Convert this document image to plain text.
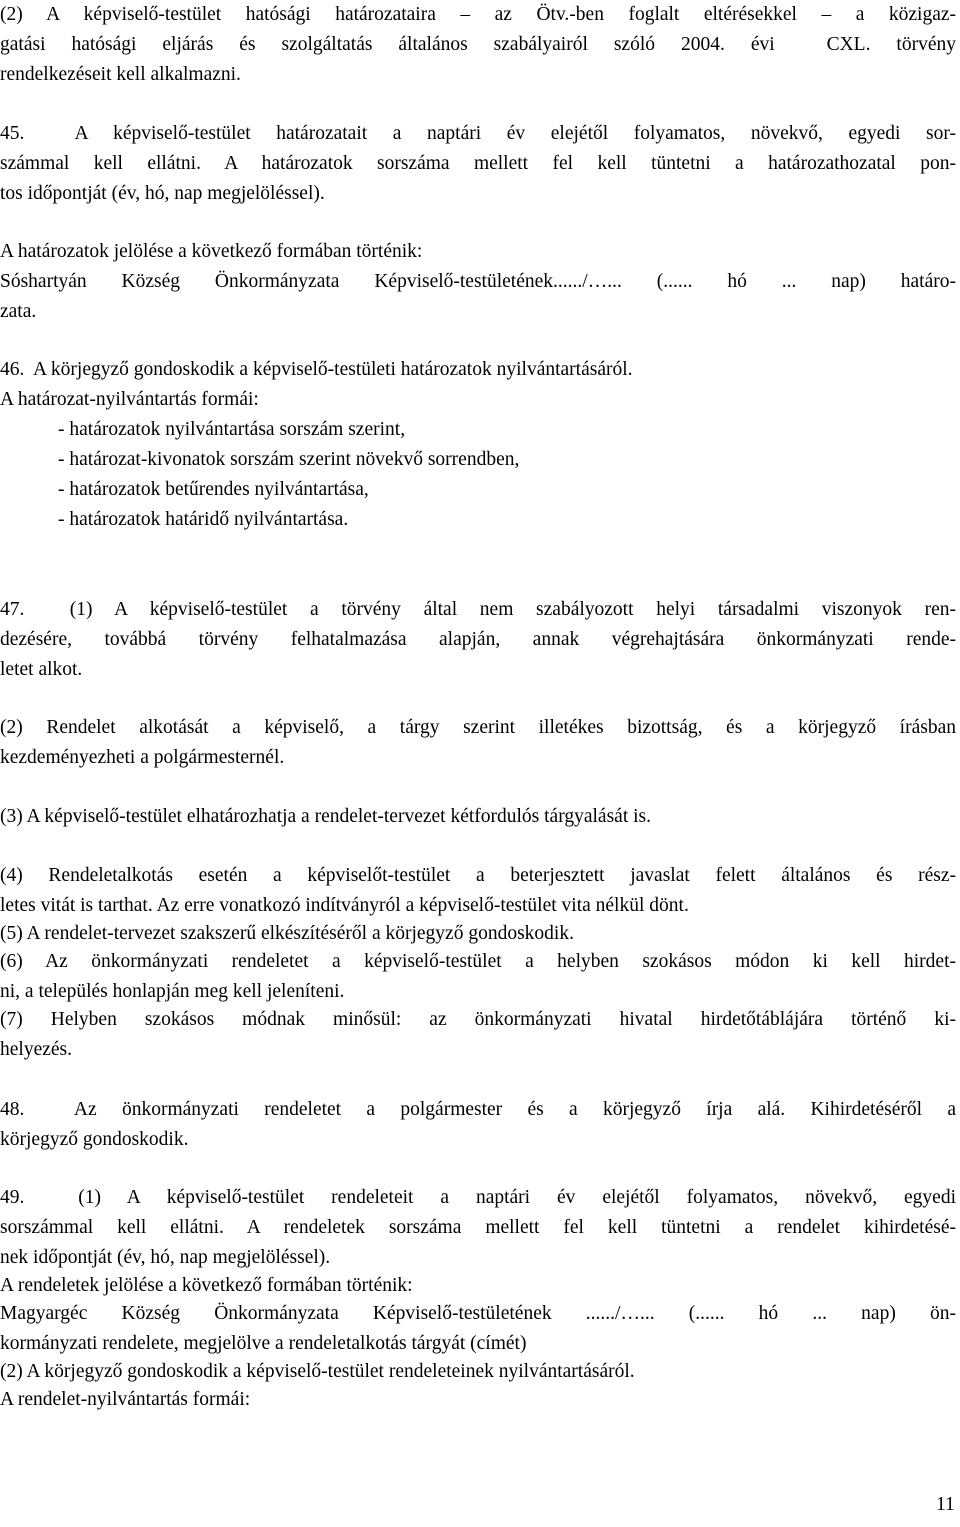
(2) A képviselő-testület hatósági határozataira – az Ötv.-ben foglalt eltérésekkel – a közigaz-
gatási hatósági eljárás és szolgáltatás általános szabályairól szóló 2004. évi  CXL. törvény
rendelkezéseit kell alkalmazni.
45.  A képviselő-testület határozatait a naptári év elejétől folyamatos, növekvő, egyedi sor-
számmal kell ellátni. A határozatok sorszáma mellett fel kell tüntetni a határozathozatal pon-
tos időpontját (év, hó, nap megjelöléssel).
A határozatok jelölése a következő formában történik:
Sóshartyán Község Önkormányzata Képviselő-testületének....../…... (...... hó ... nap) határo-
zata.
46.  A körjegyző gondoskodik a képviselő-testületi határozatok nyilvántartásáról.
A határozat-nyilvántartás formái:
- határozatok nyilvántartása sorszám szerint,
- határozat-kivonatok sorszám szerint növekvő sorrendben,
- határozatok betűrendes nyilvántartása,
- határozatok határidő nyilvántartása.
47.  (1) A képviselő-testület a törvény által nem szabályozott helyi társadalmi viszonyok ren-
dezésére, továbbá törvény felhatalmazása alapján, annak végrehajtására önkormányzati rende-
letet alkot.
(2) Rendelet alkotását a képviselő, a tárgy szerint illetékes bizottság, és a körjegyző írásban
kezdeményezheti a polgármesternél.
(3) A képviselő-testület elhatározhatja a rendelet-tervezet kétfordulós tárgyalását is.
(4) Rendeletalkotás esetén a képviselőt-testület a beterjesztett javaslat felett általános és rész-
letes vitát is tarthat. Az erre vonatkozó indítványról a képviselő-testület vita nélkül dönt.
(5) A rendelet-tervezet szakszerű elkészítéséről a körjegyző gondoskodik.
(6) Az önkormányzati rendeletet a képviselő-testület a helyben szokásos módon ki kell hirdet-
ni, a település honlapján meg kell jeleníteni.
(7) Helyben szokásos módnak minősül: az önkormányzati hivatal hirdetőtáblájára történő ki-
helyezés.
48.  Az önkormányzati rendeletet a polgármester és a körjegyző írja alá. Kihirdetéséről a
körjegyző gondoskodik.
49.  (1) A képviselő-testület rendeleteit a naptári év elejétől folyamatos, növekvő, egyedi
sorszámmal kell ellátni. A rendeletek sorszáma mellett fel kell tüntetni a rendelet kihirdetésé-
nek időpontját (év, hó, nap megjelöléssel).
A rendeletek jelölése a következő formában történik:
Magyargéc Község Önkormányzata Képviselő-testületének ....../…... (...... hó ... nap) ön-
kormányzati rendelete, megjelölve a rendeletalkotás tárgyát (címét)
(2) A körjegyző gondoskodik a képviselő-testület rendeleteinek nyilvántartásáról.
A rendelet-nyilvántartás formái:
11
